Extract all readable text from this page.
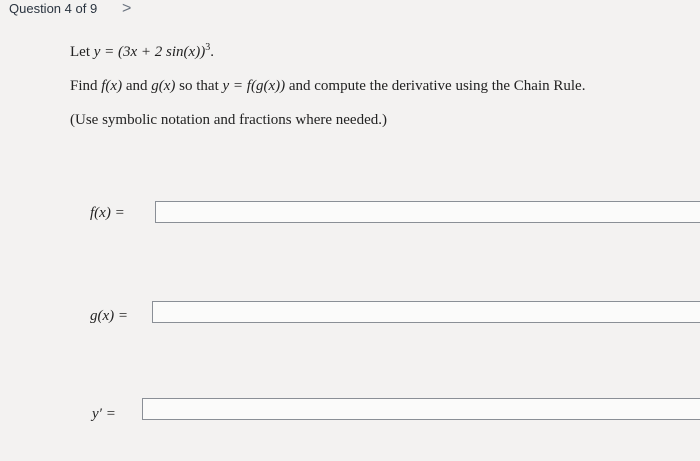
Question 4 of 9 >
Let y = (3x + 2 sin(x))$^3$.
Find f(x) and g(x) so that y = f(g(x)) and compute the derivative using the Chain Rule.
(Use symbolic notation and fractions where needed.)
f(x) =
g(x) =
y′ =
